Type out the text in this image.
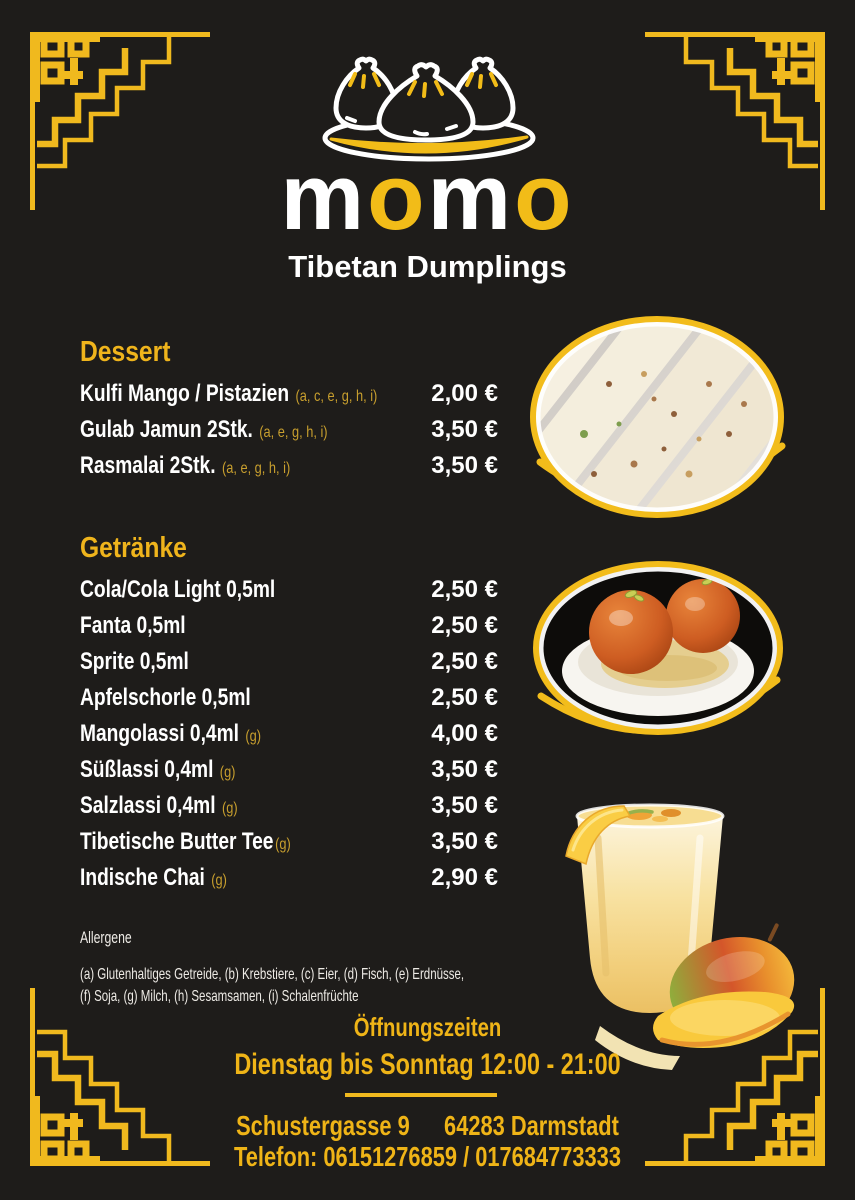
momo
Tibetan Dumplings
Dessert
Kulfi Mango / Pistazien (a, c, e, g, h, i) 2,00 €
Gulab Jamun 2Stk. (a, e, g, h, i)	3,50 €
Rasmalai 2Stk. (a, e, g, h, i)	3,50 €
Getränke
Cola/Cola Light 0,5ml	2,50 €
Fanta 0,5ml	2,50 €
Sprite 0,5ml	2,50 €
Apfelschorle 0,5ml	2,50 €
Mangolassi 0,4ml (g)	4,00 €
Süßlassi 0,4ml (g)	3,50 €
Salzlassi 0,4ml (g)	3,50 €
Tibetische Butter Tee (g)	3,50 €
Indische Chai (g)	2,90 €

Allergene

(a) Glutenhaltiges Getreide, (b) Krebstiere, (c) Eier, (d) Fisch, (e) Erdnüsse,
(f) Soja, (g) Milch, (h) Sesamsamen, (i) Schalenfrüchte
Öffnungszeiten
Dienstag bis Sonntag 12:00 - 21:00
Schustergasse 9 64283 Darmstadt
Telefon: 06151276859 / 017684773333
